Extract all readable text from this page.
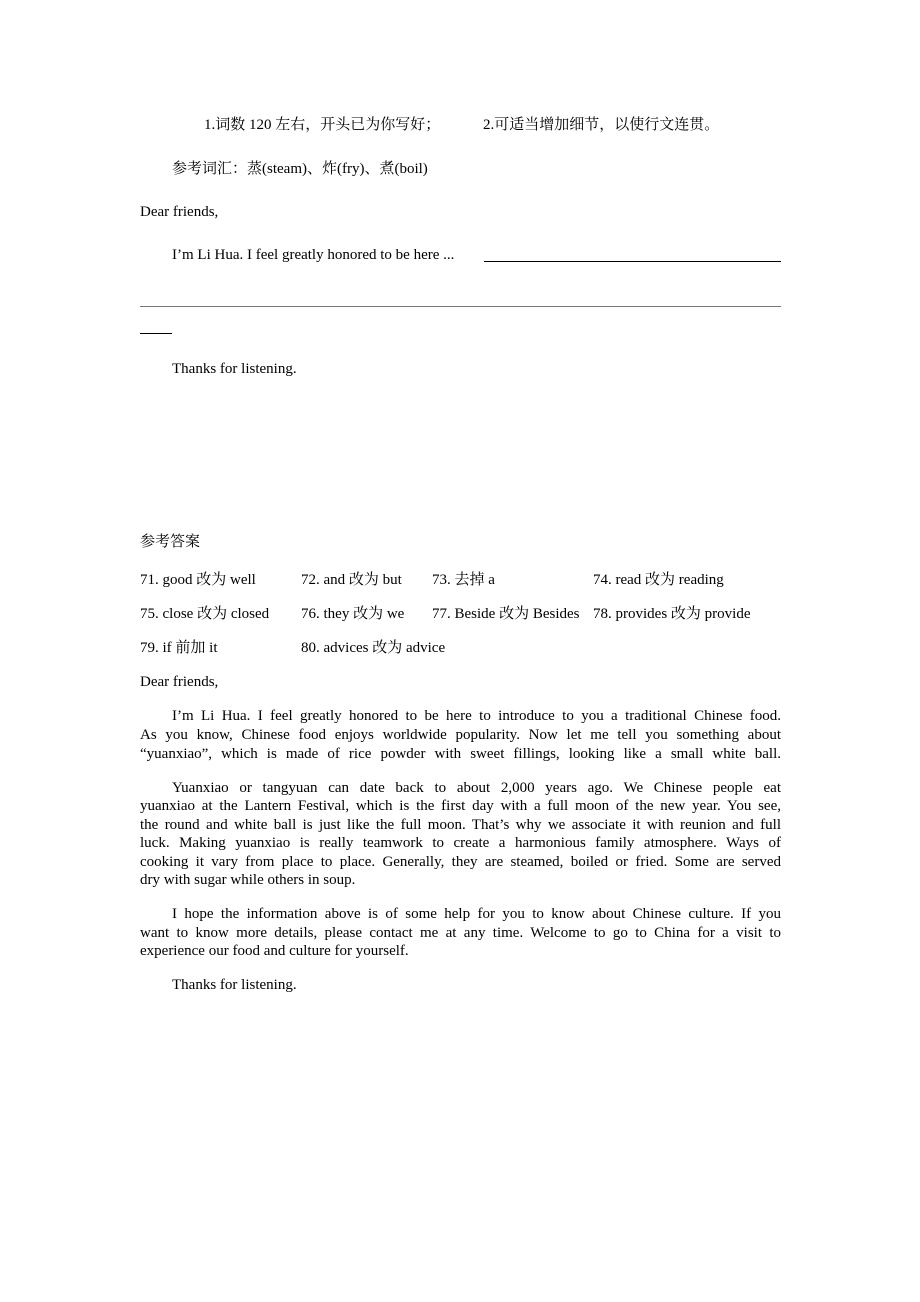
1.词数 120 左右，开头已为你写好；	2.可适当增加细节，以使行文连贯。
参考词汇：蒸(steam)、炸(fry)、煮(boil)
Dear friends,
I’m Li Hua. I feel greatly honored to be here ...
Thanks for listening.
参考答案
71. good 改为 well	72. and 改为 but 73. 去掉 a	74. read 改为 reading
75. close 改为 closed 76. they 改为 we 77. Beside 改为 Besides 78. provides 改为 provide
79. if 前加 it	80. advices 改为 advice
Dear friends,
I’m Li Hua. I feel greatly honored to be here to introduce to you a traditional Chinese food.
As you know, Chinese food enjoys worldwide popularity. Now let me tell you something about
“yuanxiao”, which is made of rice powder with sweet fillings, looking like a small white ball.
Yuanxiao or tangyuan can date back to about 2,000 years ago. We Chinese people eat
yuanxiao at the Lantern Festival, which is the first day with a full moon of the new year. You see,
the round and white ball is just like the full moon. That’s why we associate it with reunion and full
luck. Making yuanxiao is really teamwork to create a harmonious family atmosphere. Ways of
cooking it vary from place to place. Generally, they are steamed, boiled or fried. Some are served
dry with sugar while others in soup.
I hope the information above is of some help for you to know about Chinese culture. If you
want to know more details, please contact me at any time. Welcome to go to China for a visit to
experience our food and culture for yourself.
Thanks for listening.
